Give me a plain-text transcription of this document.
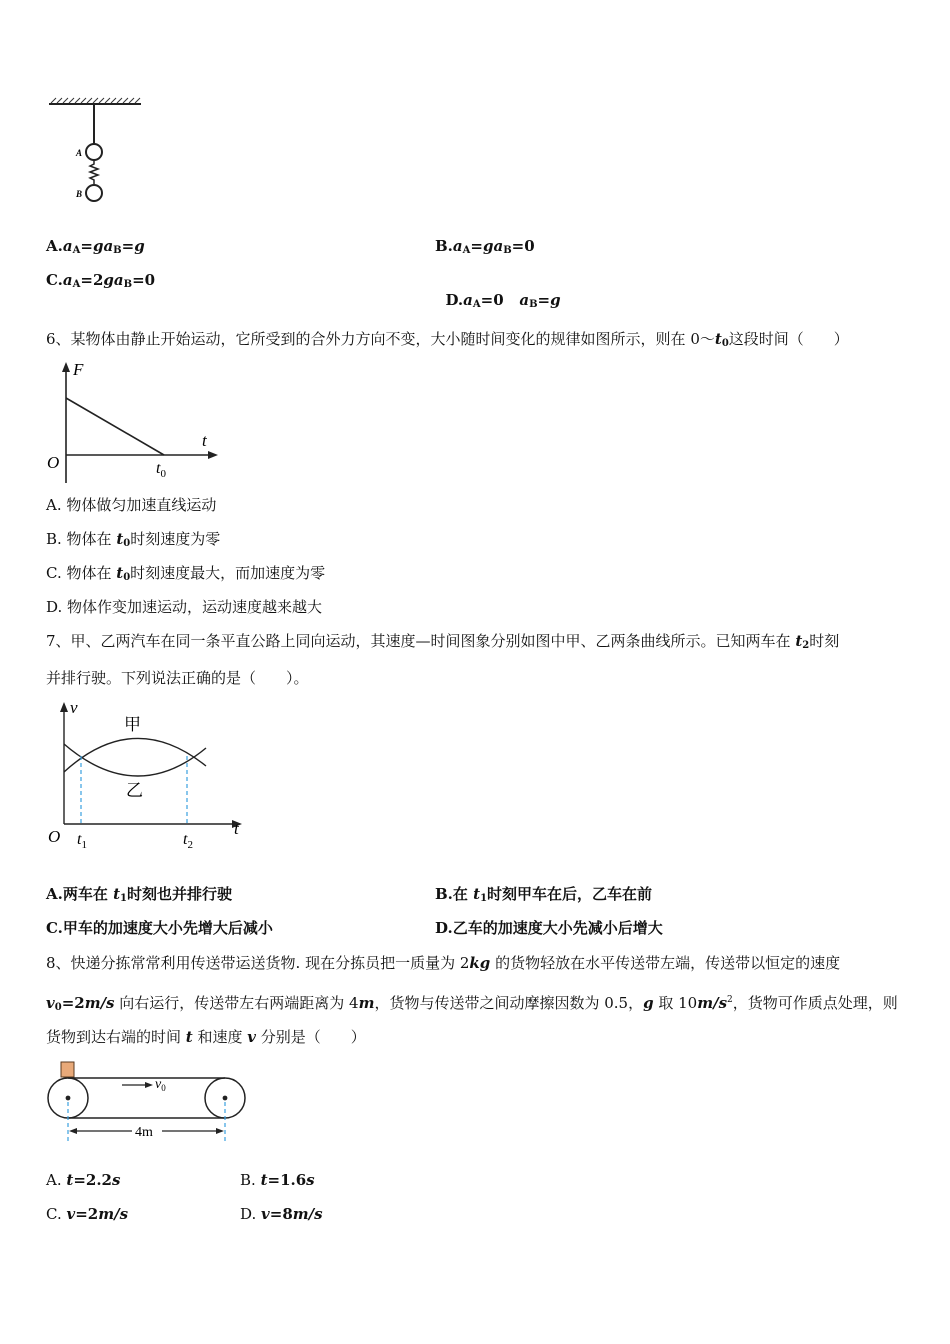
A
B
$A.a_A=ga_B=g$	$B.a_A=ga_B=0$
$C.a_A=2ga_B=0$

$D.a_A=0$   $a_B=g$

6、某物体由静止开始运动，它所受到的合外力方向不变，大小随时间变化的规律如图所示，则在 $0\sim t_0$这段时间（　　）
F
t
O	$t_0$
A. 物体做匀加速直线运动
B. 物体在 $t_0$时刻速度为零
C. 物体在 $t_0$时刻速度最大，而加速度为零
D. 物体作变加速运动，运动速度越来越大
7、甲、乙两汽车在同一条平直公路上同向运动，其速度—时间图象分别如图中甲、乙两条曲线所示。已知两车在 $t_2$时刻
并排行驶。下列说法正确的是（　　）。
v
t
O
甲
乙
$t_1$	$t_2$
A.两车在 $t_1$时刻也并排行驶	B.在 $t_1$时刻甲车在后，乙车在前
C.甲车的加速度大小先增大后减小	D.乙车的加速度大小先减小后增大
8、快递分拣常常利用传送带运送货物. 现在分拣员把一质量为 2kg 的货物轻放在水平传送带左端，传送带以恒定的速度
$v_0=2m/s$ 向右运行，传送带左右两端距离为 4m，货物与传送带之间动摩擦因数为 0.5，g 取 $10m/s^2$，货物可作质点处理，则
货物到达右端的时间 t 和速度 v 分别是（　　）
$v_0$
4m
A. t=2.2s	B. t=1.6s
C. v=2m/s	D. v=8m/s
